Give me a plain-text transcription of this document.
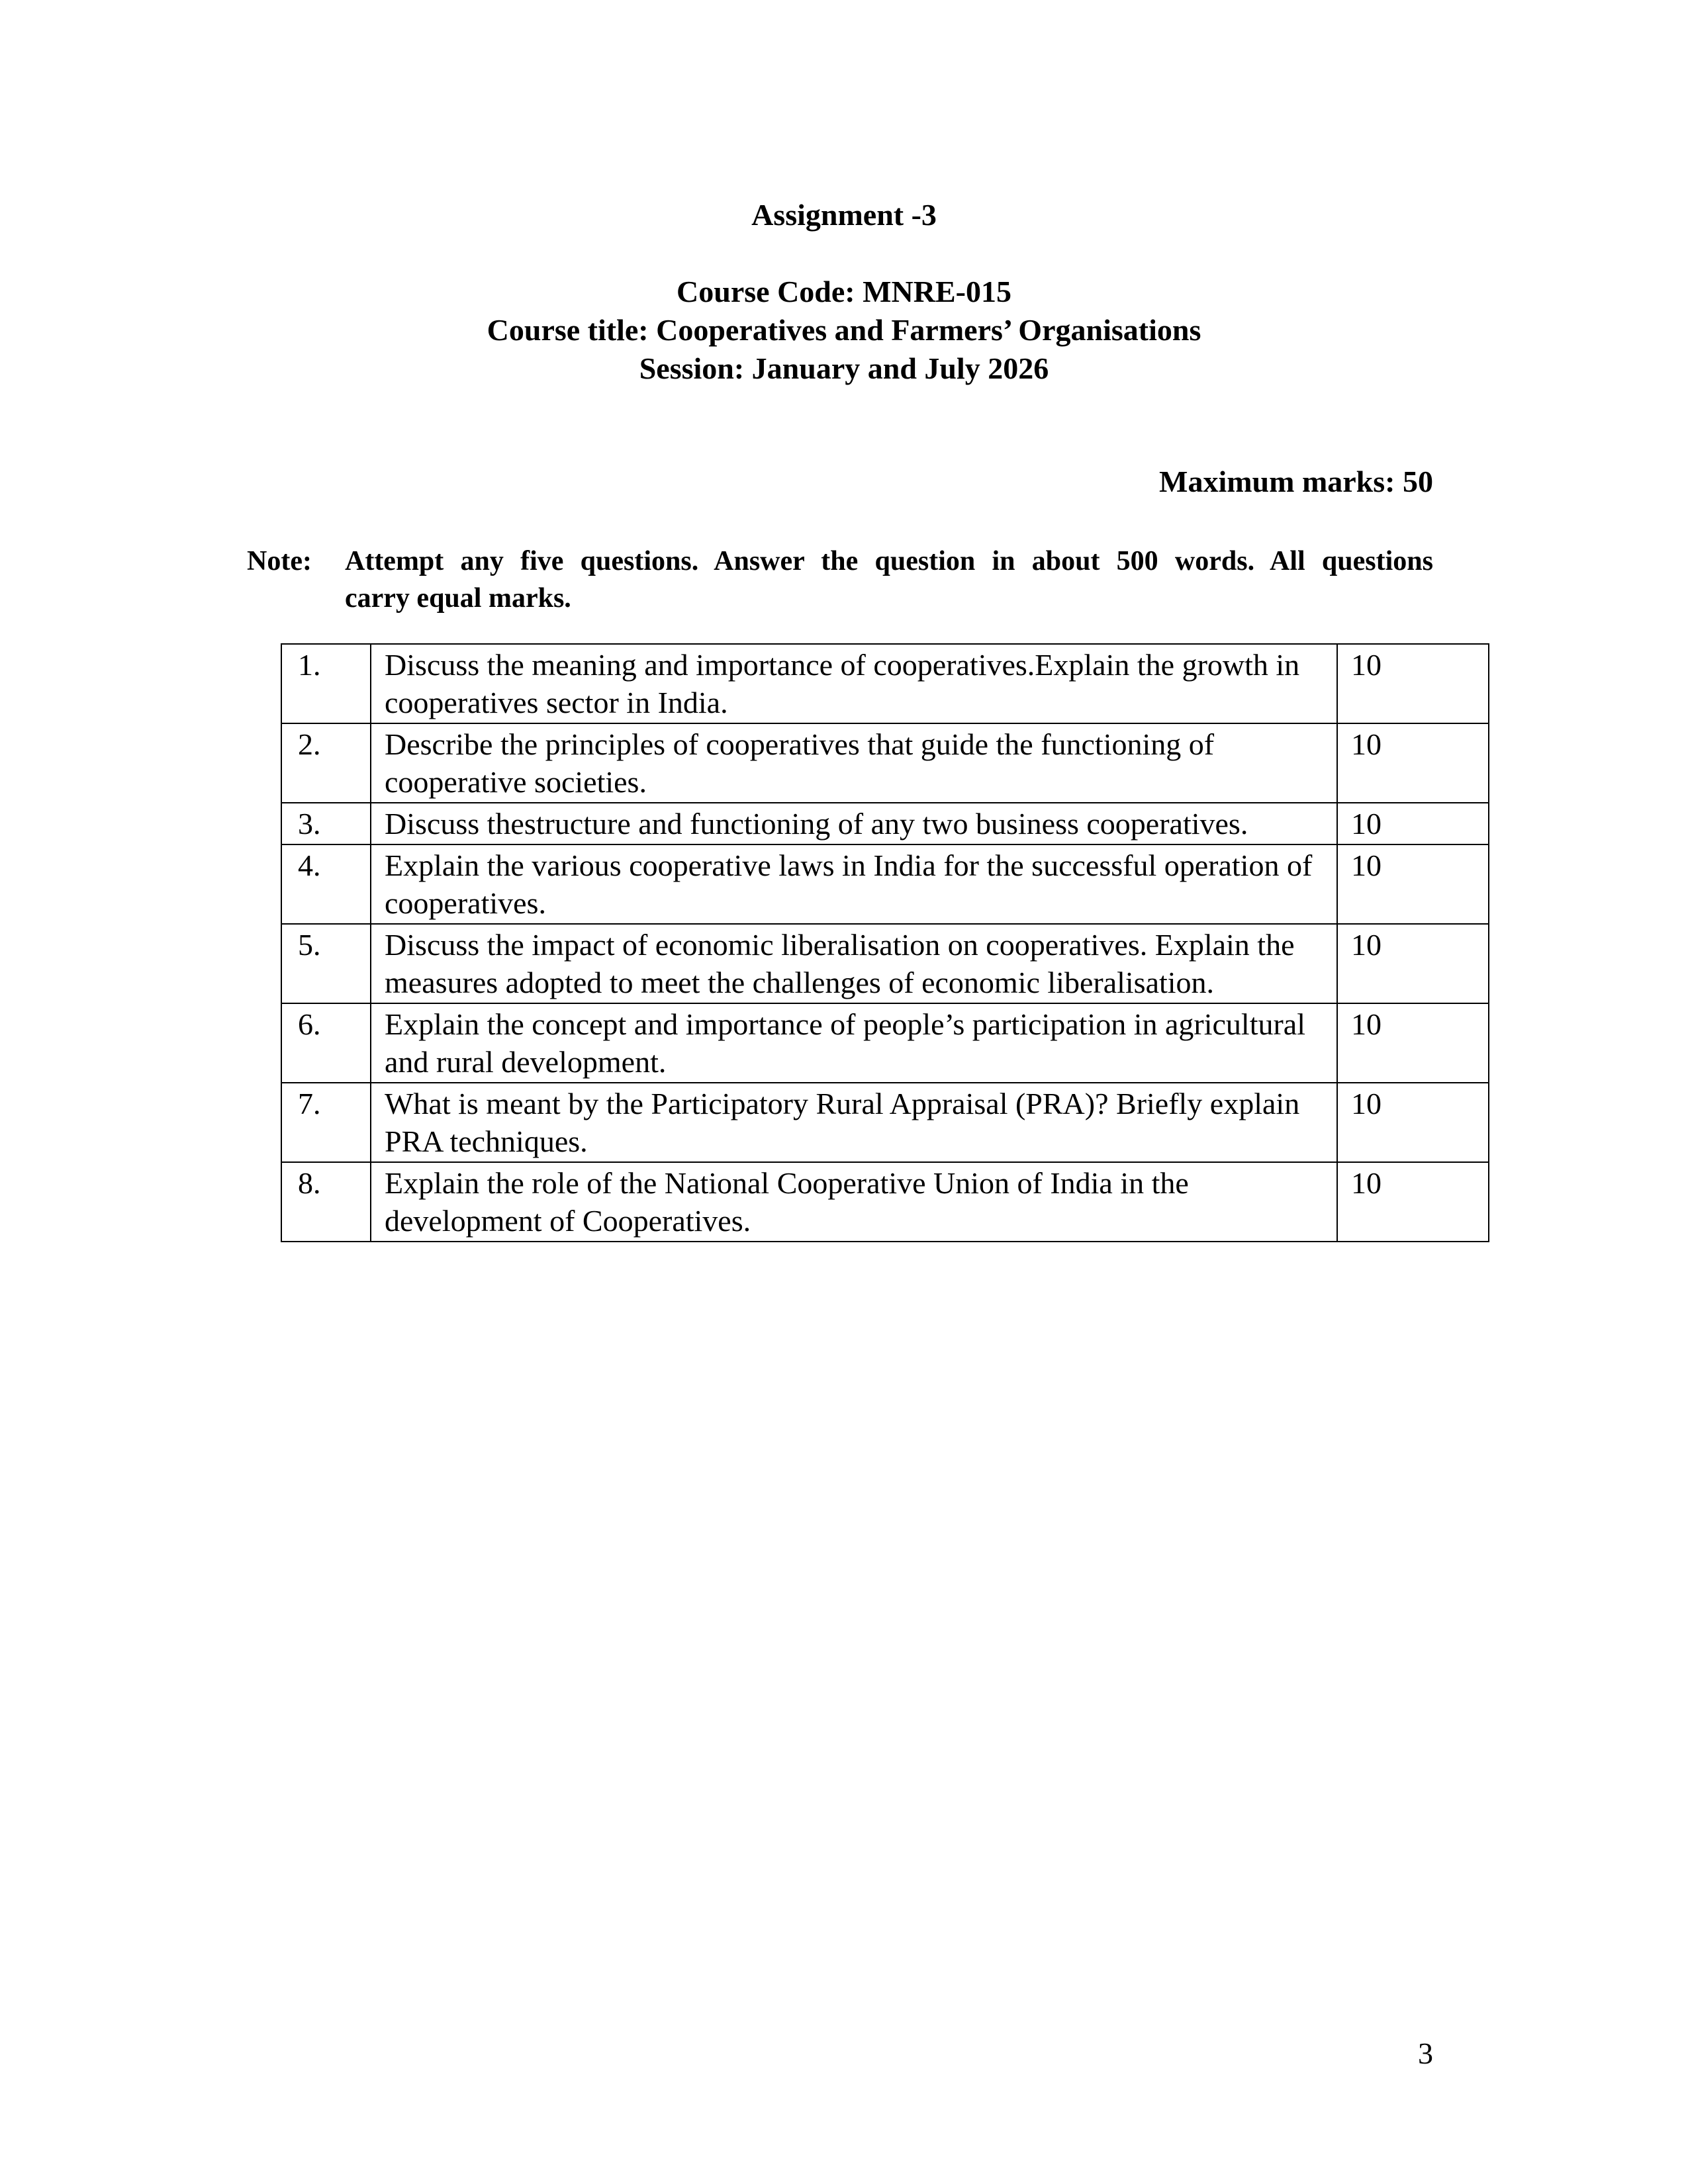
Assignment -3
Course Code: MNRE-015
Course title: Cooperatives and Farmers’ Organisations
Session: January and July 2026
Maximum marks: 50
Note:	Attempt any five questions. Answer the question in about 500 words. All questions
carry equal marks.
1.	Discuss the meaning and importance of cooperatives.Explain the growth in cooperatives sector in India.	10
2.	Describe the principles of cooperatives that guide the functioning of cooperative societies.	10
3.	Discuss thestructure and functioning of any two business cooperatives.	10
4.	Explain the various cooperative laws in India for the successful operation of cooperatives.	10
5.	Discuss the impact of economic liberalisation on cooperatives. Explain the measures adopted to meet the challenges of economic liberalisation.	10
6.	Explain the concept and importance of people’s participation in agricultural and rural development.	10
7.	What is meant by the Participatory Rural Appraisal (PRA)? Briefly explain PRA techniques.	10
8.	Explain the role of the National Cooperative Union of India in the development of Cooperatives.	10
3
